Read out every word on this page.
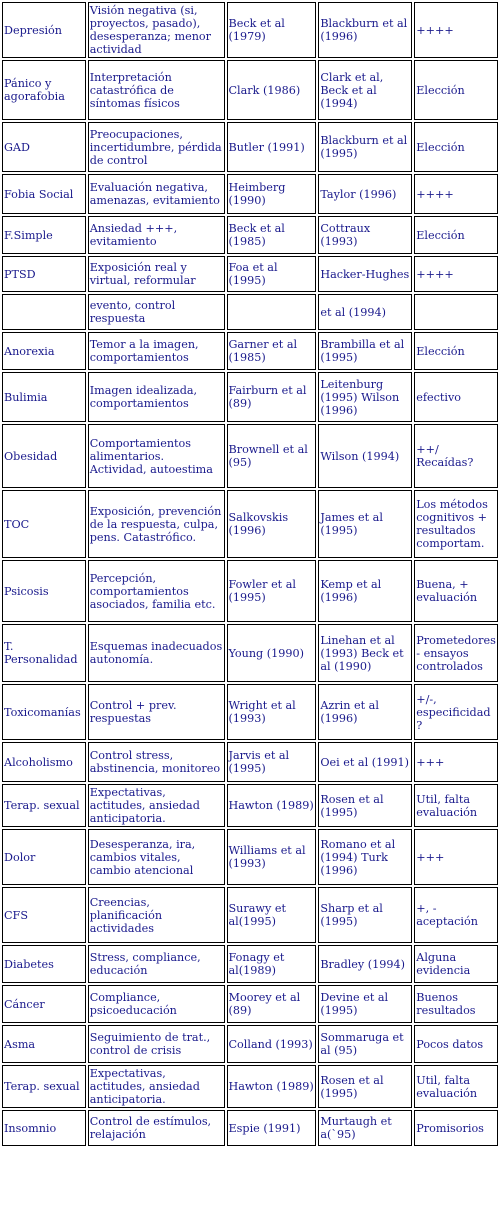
Depresión	Visión negativa (si, proyectos, pasado), desesperanza; menor actividad	Beck et al (1979)	Blackburn et al (1996)	++++
Pánico y agorafobia	Interpretación catastrófica de síntomas físicos	Clark (1986)	Clark et al, Beck et al (1994)	Elección
GAD	Preocupaciones, incertidumbre, pérdida de control	Butler (1991)	Blackburn et al (1995)	Elección
Fobia Social	Evaluación negativa, amenazas, evitamiento	Heimberg (1990)	Taylor (1996)	++++
F.Simple	Ansiedad +++, evitamiento	Beck et al (1985)	Cottraux (1993)	Elección
PTSD	Exposición real y virtual, reformular	Foa et al (1995)	Hacker-Hughes	++++
	evento, control respuesta		et al (1994)	
Anorexia	Temor a la imagen, comportamientos	Garner et al (1985)	Brambilla et al (1995)	Elección
Bulimia	Imagen idealizada, comportamientos	Fairburn et al (89)	Leitenburg (1995) Wilson (1996)	efectivo
Obesidad	Comportamientos alimentarios. Actividad, autoestima	Brownell et al (95)	Wilson (1994)	++/ Recaídas?
TOC	Exposición, prevención de la respuesta, culpa, pens. Catastrófico.	Salkovskis (1996)	James et al (1995)	Los métodos cognitivos + resultados comportam.
Psicosis	Percepción, comportamientos asociados, familia etc.	Fowler et al (1995)	Kemp et al (1996)	Buena, + evaluación
T. Personalidad	Esquemas inadecuados autonomía.	Young (1990)	Linehan et al (1993) Beck et al (1990)	Prometedores - ensayos controlados
Toxicomanías	Control + prev. respuestas	Wright et al (1993)	Azrin et al (1996)	+/-, especificidad?
Alcoholismo	Control stress, abstinencia, monitoreo	Jarvis et al (1995)	Oei et al (1991)	+++
Terap. sexual	Expectativas, actitudes, ansiedad anticipatoria.	Hawton (1989)	Rosen et al (1995)	Util, falta evaluación
Dolor	Desesperanza, ira, cambios vitales, cambio atencional	Williams et al (1993)	Romano et al (1994) Turk (1996)	+++
CFS	Creencias, planificación actividades	Surawy et al(1995)	Sharp et al (1995)	+, - aceptación
Diabetes	Stress, compliance, educación	Fonagy et al(1989)	Bradley (1994)	Alguna evidencia
Cáncer	Compliance, psicoeducación	Moorey et al (89)	Devine et al (1995)	Buenos resultados
Asma	Seguimiento de trat., control de crisis	Colland (1993)	Sommaruga et al (95)	Pocos datos
Terap. sexual	Expectativas, actitudes, ansiedad anticipatoria.	Hawton (1989)	Rosen et al (1995)	Util, falta evaluación
Insomnio	Control de estímulos, relajación	Espie (1991)	Murtaugh et a(`95)	Promisorios
